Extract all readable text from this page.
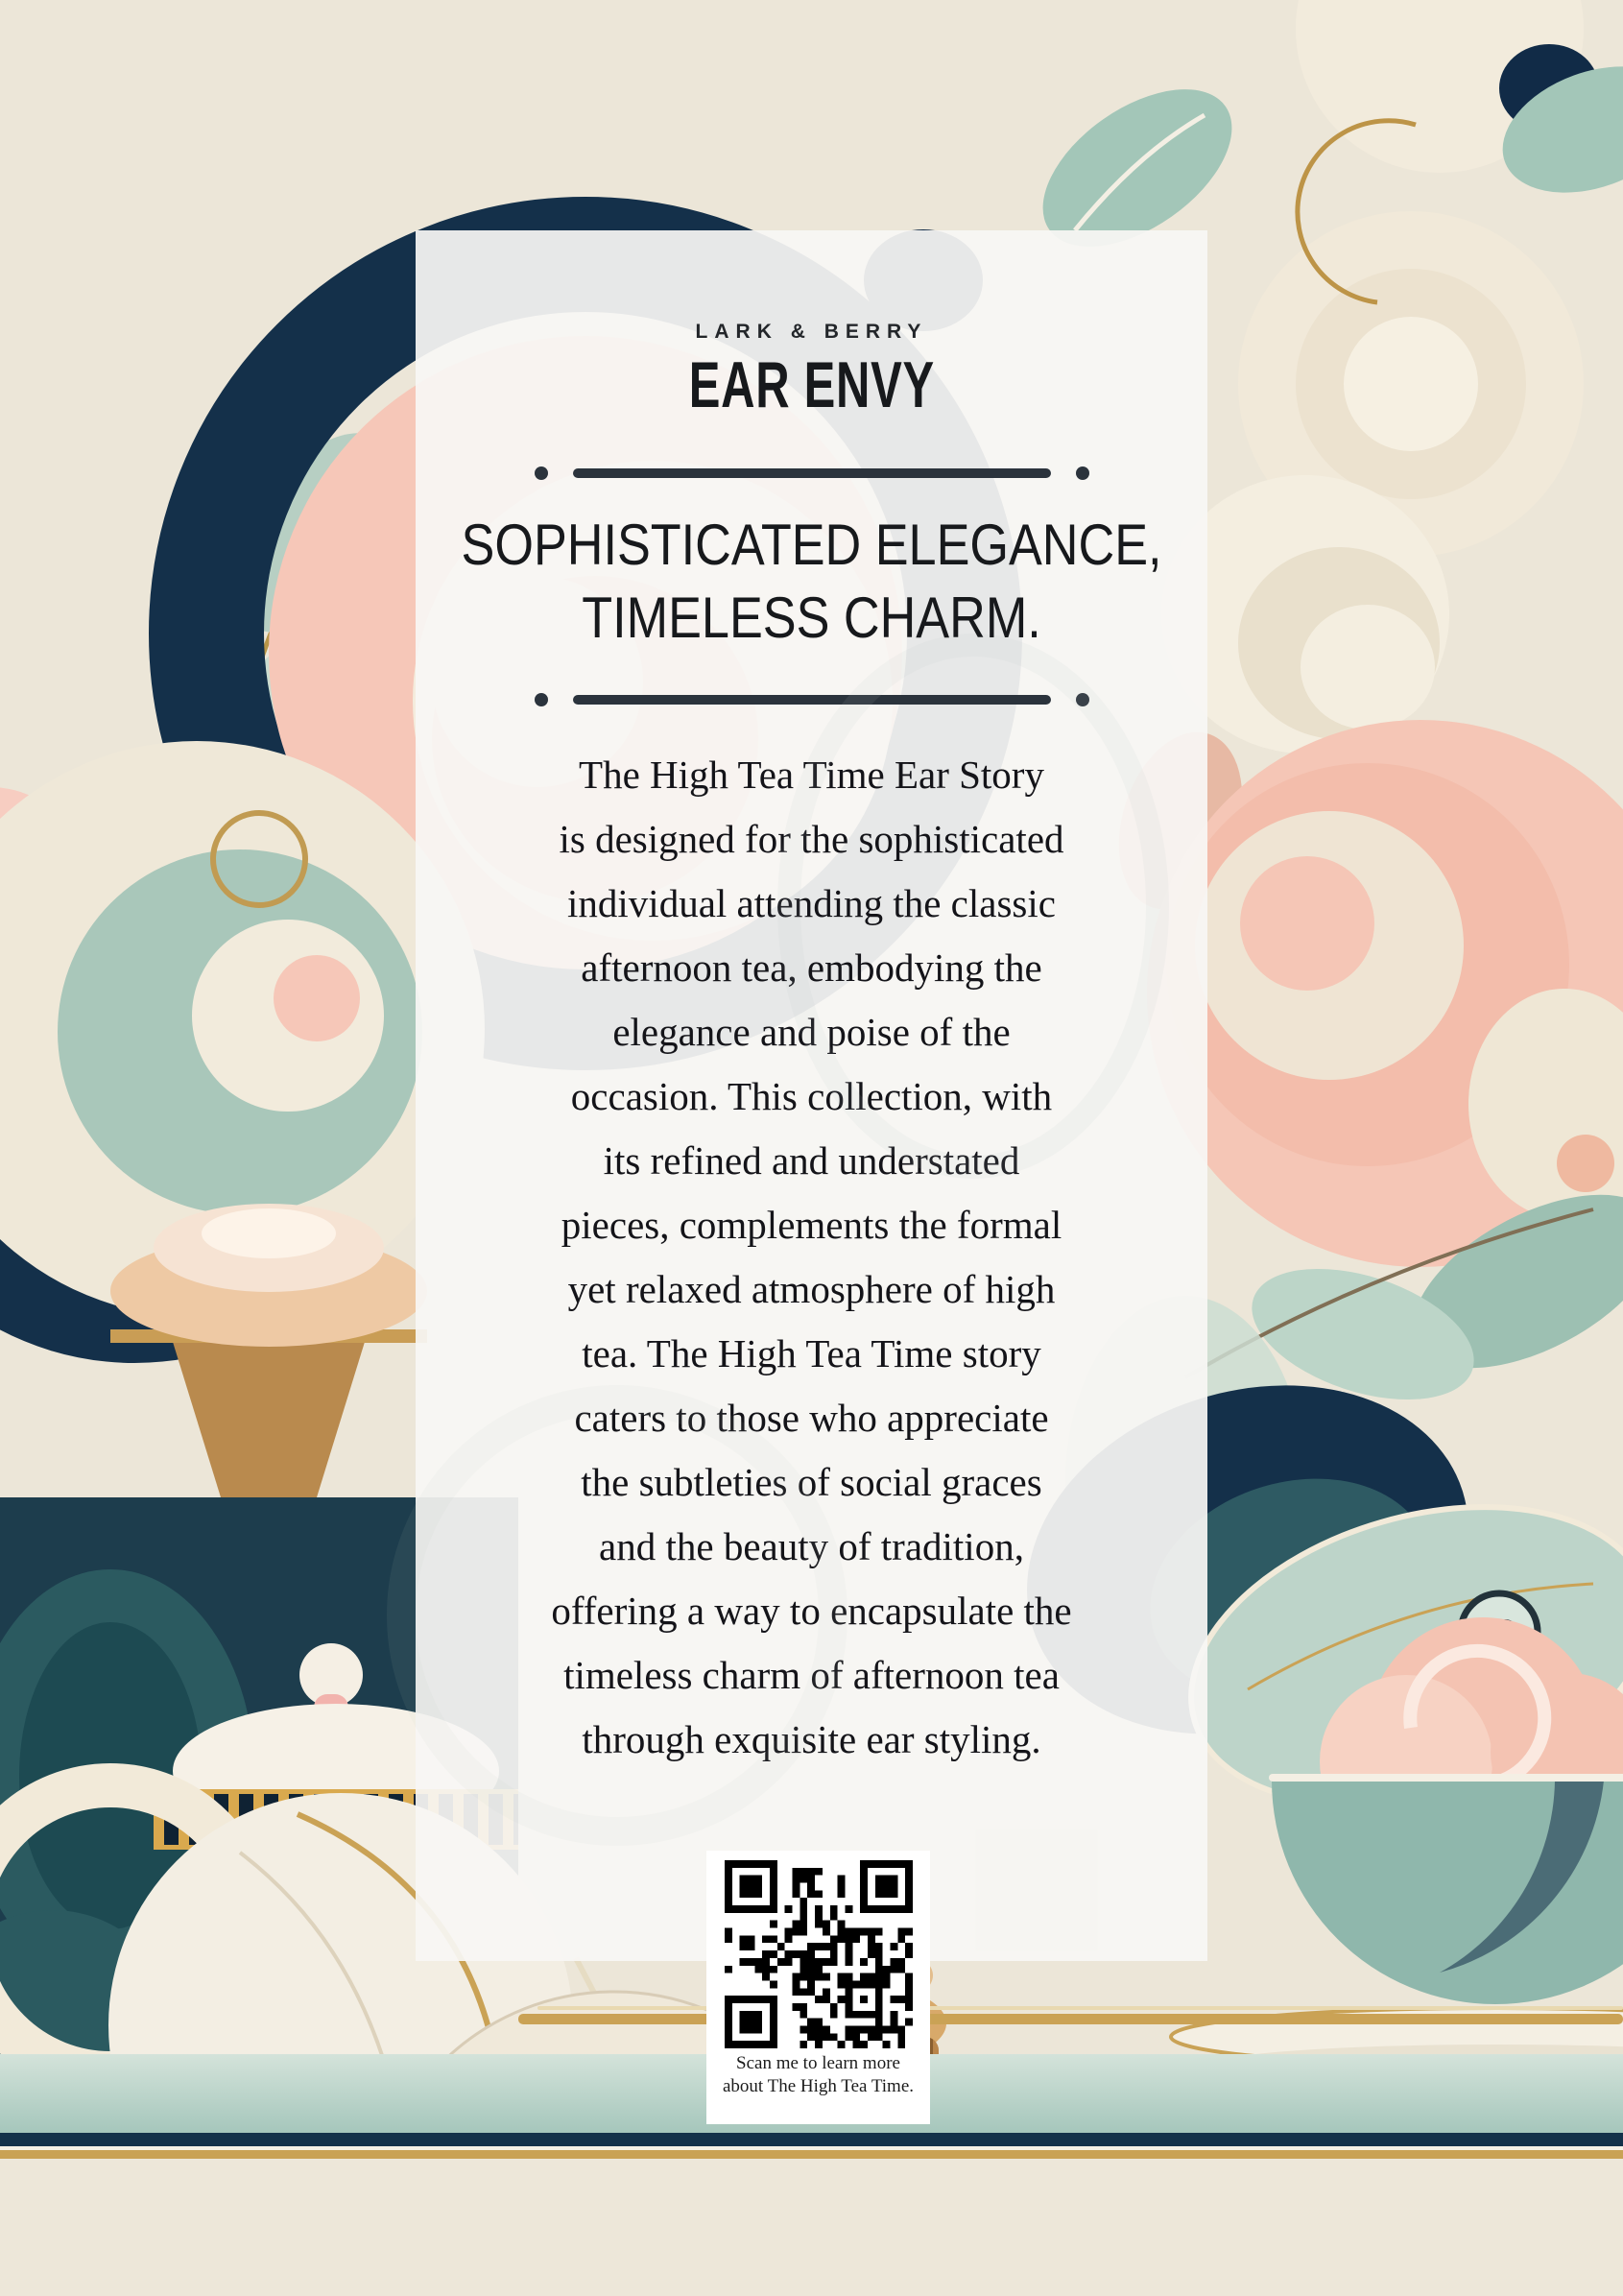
LARK & BERRY
EAR ENVY
SOPHISTICATED ELEGANCE,
TIMELESS CHARM.
The High Tea Time Ear Story
is designed for the sophisticated
individual attending the classic
afternoon tea, embodying the
elegance and poise of the
occasion. This collection, with
its refined and understated
pieces, complements the formal
yet relaxed atmosphere of high
tea. The High Tea Time story
caters to those who appreciate
the subtleties of social graces
and the beauty of tradition,
offering a way to encapsulate the
timeless charm of afternoon tea
through exquisite ear styling.
Scan me to learn more
about The High Tea Time.
